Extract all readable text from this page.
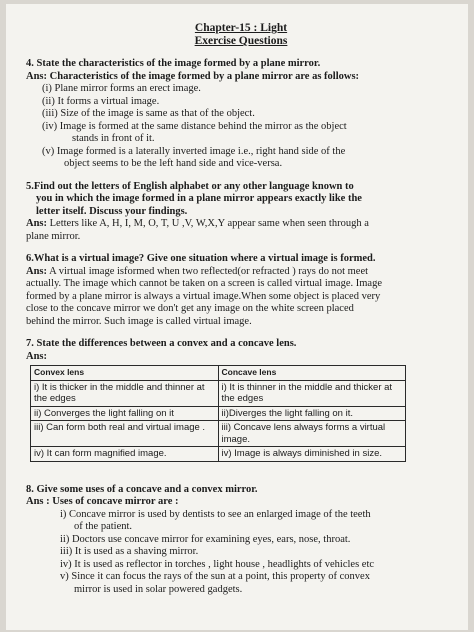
Chapter-15 : Light
Exercise Questions

4. State the characteristics of the image formed by a plane mirror.

Ans: Characteristics of the image formed by a plane mirror are as follows:

(i) Plane mirror forms an erect image.
(ii) It forms a virtual image.
(iii) Size of the image is same as that of the object.
(iv) Image is formed at the same distance behind the mirror as the object
stands in front of it.
(v) Image formed is a laterally inverted image i.e., right hand side of the
object seems to be the left hand side and vice-versa.

5.Find out the letters of English alphabet or any other language known to

you in which the image formed in a plane mirror appears exactly like the

letter itself. Discuss your findings.

Ans: Letters like A, H, I, M, O, T, U ,V, W,X,Y appear same when seen through a

plane mirror.

6.What is a virtual image? Give one situation where a virtual image is formed.

Ans: A virtual image isformed when two reflected(or refracted ) rays do not meet

actually. The image which cannot be taken on a screen is called virtual image. Image

formed by a plane mirror is always a virtual image.When some object is placed very

close to the concave mirror we don't get any image on the white screen placed

behind the mirror. Such image is called virtual image.

7. State the differences between a convex and a concave lens.

Ans:

Convex lens	Concave lens
i) It is thicker in the middle and thinner at the edges	i) It is thinner in the middle and thicker at the edges
ii) Converges the light falling on it	ii)Diverges the light falling on it.
iii) Can form both real and virtual image .	iii) Concave lens always forms a virtual image.
iv) It can form magnified image.	iv) Image is always diminished in size.

8. Give some uses of a concave and a convex mirror.

Ans : Uses of concave mirror are :

i) Concave mirror is used by dentists to see an enlarged image of the teeth
of the patient.
ii) Doctors use concave mirror for examining eyes, ears, nose, throat.
iii) It is used as a shaving mirror.
iv) It is used as reflector in torches , light house , headlights of vehicles etc
v) Since it can focus the rays of the sun at a point, this property of convex
mirror is used in solar powered gadgets.
